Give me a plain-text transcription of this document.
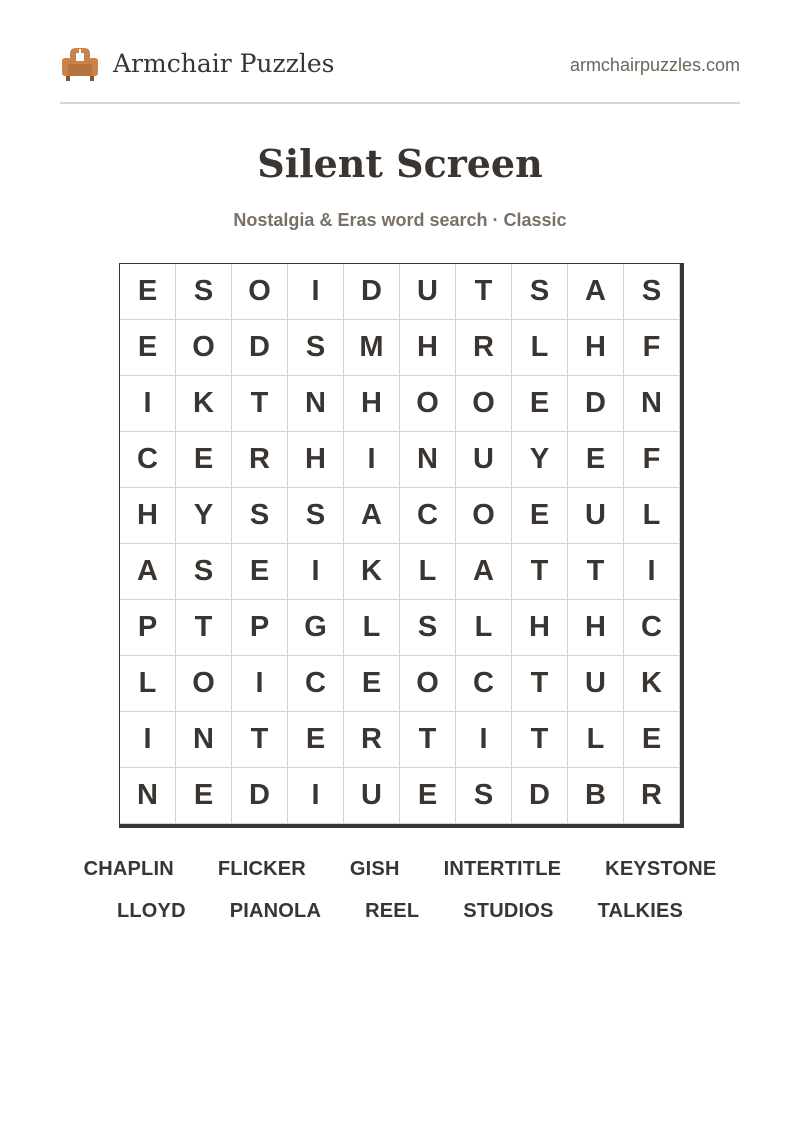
Armchair Puzzles	armchairpuzzles.com
Silent Screen
Nostalgia & Eras word search · Classic
E	S	O	I	D	U	T	S	A	S
E	O	D	S	M	H	R	L	H	F
I	K	T	N	H	O	O	E	D	N
C	E	R	H	I	N	U	Y	E	F
H	Y	S	S	A	C	O	E	U	L
A	S	E	I	K	L	A	T	T	I
P	T	P	G	L	S	L	H	H	C
L	O	I	C	E	O	C	T	U	K
I	N	T	E	R	T	I	T	L	E
N	E	D	I	U	E	S	D	B	R
CHAPLIN	FLICKER	GISH	INTERTITLE	KEYSTONE
LLOYD	PIANOLA	REEL	STUDIOS	TALKIES
